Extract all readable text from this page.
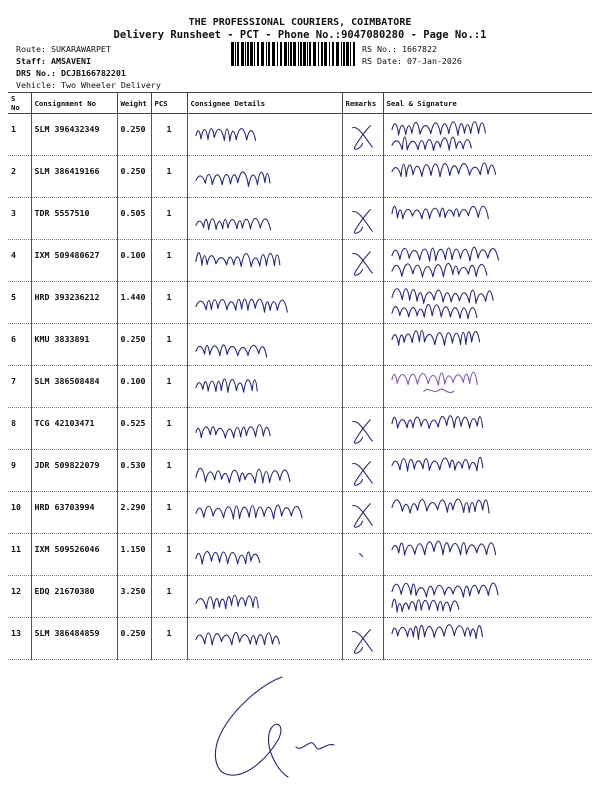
THE PROFESSIONAL COURIERS, COIMBATORE
Delivery Runsheet - PCT - Phone No.:9047080280 - Page No.:1
Route: SUKARAWARPET
Staff: AMSAVENI
DRS No.: DCJB166782201
Vehicle: Two Wheeler Delivery
RS No.: 1667822
RS Date: 07-Jan-2026
S No	Consignment No	Weight	PCS	Consignee Details	Remarks	Seal & Signature
1	SLM 396432349	0.250	1	

2	SLM 386419166	0.250	1	

3	TDR 5557510	0.505	1	

4	IXM 509480627	0.100	1	

5	HRD 393236212	1.440	1	

6	KMU 3833891	0.250	1	

7	SLM 386508484	0.100	1	

8	TCG 42103471	0.525	1	

9	JDR 509822079	0.530	1	

10	HRD 63703994	2.290	1	

11	IXM 509526046	1.150	1	

12	EDQ 21670380	3.250	1	

13	SLM 386484859	0.250	1	
